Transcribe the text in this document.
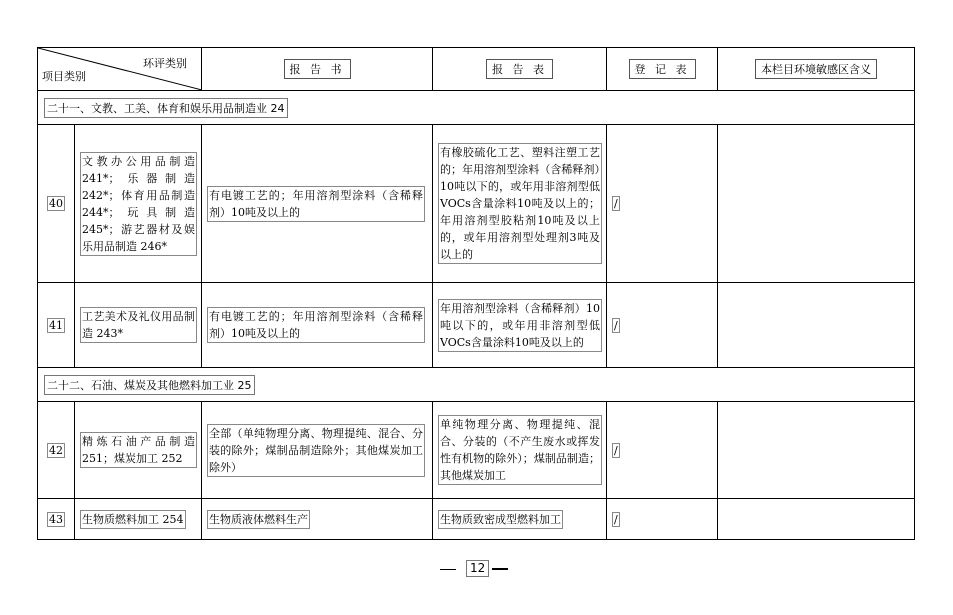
环评类别
项目类别		报 告 书	报 告 表	登 记 表	本栏目环境敏感区含义
二十一、文教、工美、体育和娱乐用品制造业 24					
40	文教办公用品制造241*；乐器制造242*；体育用品制造244*；玩具制造245*；游艺器材及娱乐用品制造 246*	有电镀工艺的；年用溶剂型涂料（含稀释剂）10吨及以上的	有橡胶硫化工艺、塑料注塑工艺的；年用溶剂型涂料（含稀释剂）10吨以下的，或年用非溶剂型低VOCs含量涂料10吨及以上的；年用溶剂型胶粘剂10吨及以上的，或年用溶剂型处理剂3吨及以上的	/	
41	工艺美术及礼仪用品制造 243*	有电镀工艺的；年用溶剂型涂料（含稀释剂）10吨及以上的	年用溶剂型涂料（含稀释剂）10吨以下的，或年用非溶剂型低VOCs含量涂料10吨及以上的	/	
二十二、石油、煤炭及其他燃料加工业 25					
42	精炼石油产品制造251；煤炭加工 252	全部（单纯物理分离、物理提纯、混合、分装的除外；煤制品制造除外；其他煤炭加工除外）	单纯物理分离、物理提纯、混合、分装的（不产生废水或挥发性有机物的除外）；煤制品制造；其他煤炭加工	/	
43	生物质燃料加工 254	生物质液体燃料生产	生物质致密成型燃料加工	/	
12
